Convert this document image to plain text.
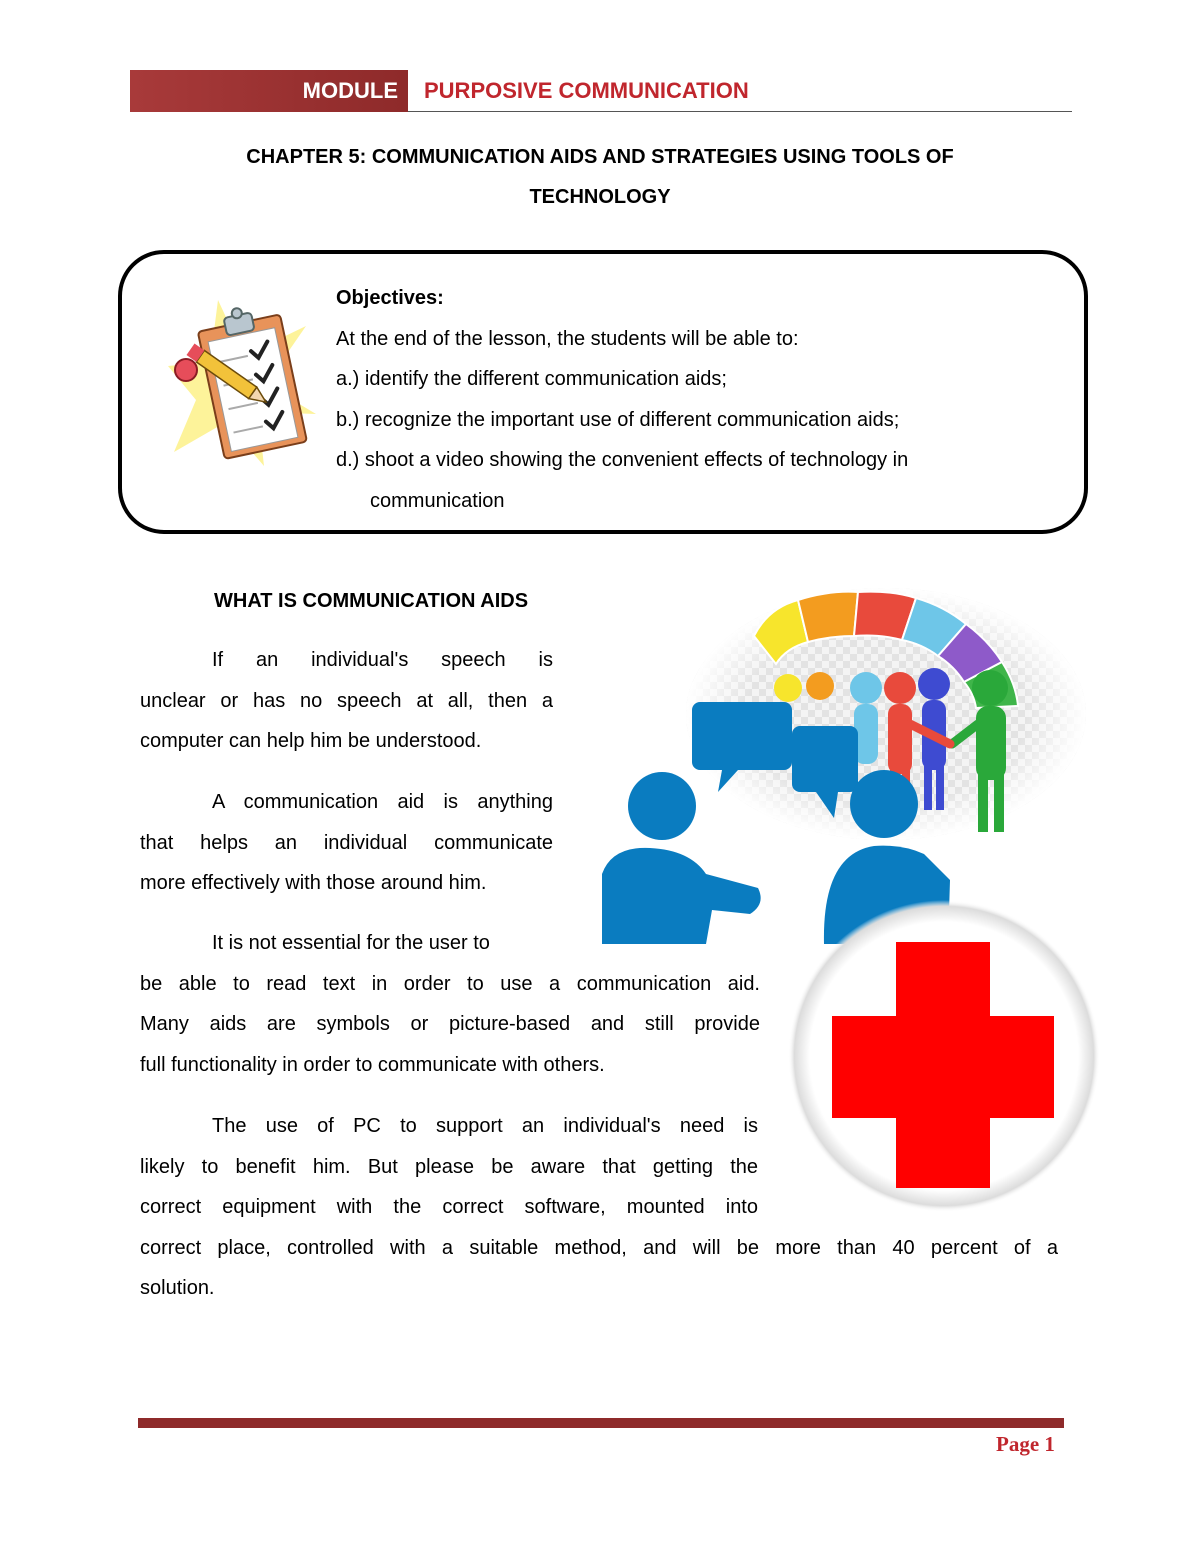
MODULE	PURPOSIVE COMMUNICATION
CHAPTER 5: COMMUNICATION AIDS AND STRATEGIES USING TOOLS OF
TECHNOLOGY
Objectives:
At the end of the lesson, the students will be able to:
a.) identify the different communication aids;
b.) recognize the important use of different communication aids;
d.) shoot a video showing the convenient effects of technology in
communication
WHAT IS COMMUNICATION AIDS
If an individual's speech is
unclear or has no speech at all, then a
computer can help him be understood.
A communication aid is anything
that helps an individual communicate
more effectively with those around him.
It is not essential for the user to
be able to read text in order to use a communication aid.
Many aids are symbols or picture-based and still provide
full functionality in order to communicate with others.
The use of PC to support an individual's need is
likely to benefit him. But please be aware that getting the
correct equipment with the correct software, mounted into
correct place, controlled with a suitable method, and will be more than 40 percent of a
solution.
Page 1
